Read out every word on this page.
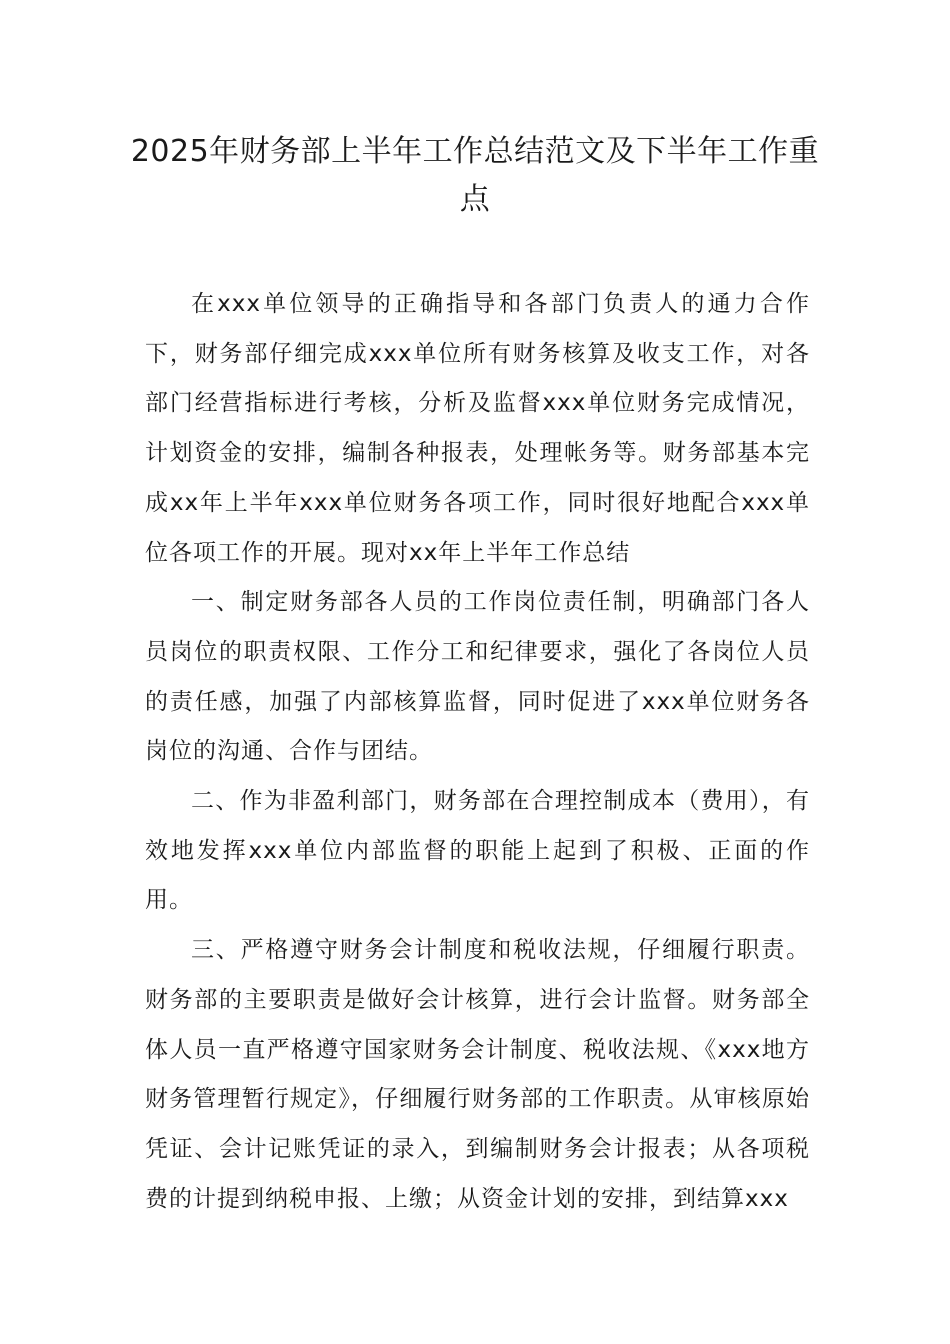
2025年财务部上半年工作总结范文及下半年工作重点

在xxx单位领导的正确指导和各部门负责人的通力合作下，财务部仔细完成xxx单位所有财务核算及收支工作，对各部门经营指标进行考核，分析及监督xxx单位财务完成情况，计划资金的安排，编制各种报表，处理帐务等。财务部基本完成xx年上半年xxx单位财务各项工作，同时很好地配合xxx单位各项工作的开展。现对xx年上半年工作总结

一、制定财务部各人员的工作岗位责任制，明确部门各人员岗位的职责权限、工作分工和纪律要求，强化了各岗位人员的责任感，加强了内部核算监督，同时促进了xxx单位财务各岗位的沟通、合作与团结。

二、作为非盈利部门，财务部在合理控制成本（费用），有效地发挥xxx单位内部监督的职能上起到了积极、正面的作用。

三、严格遵守财务会计制度和税收法规，仔细履行职责。财务部的主要职责是做好会计核算，进行会计监督。财务部全体人员一直严格遵守国家财务会计制度、税收法规、《xxx地方财务管理暂行规定》，仔细履行财务部的工作职责。从审核原始凭证、会计记账凭证的录入，到编制财务会计报表；从各项税费的计提到纳税申报、上缴；从资金计划的安排，到结算xxx
